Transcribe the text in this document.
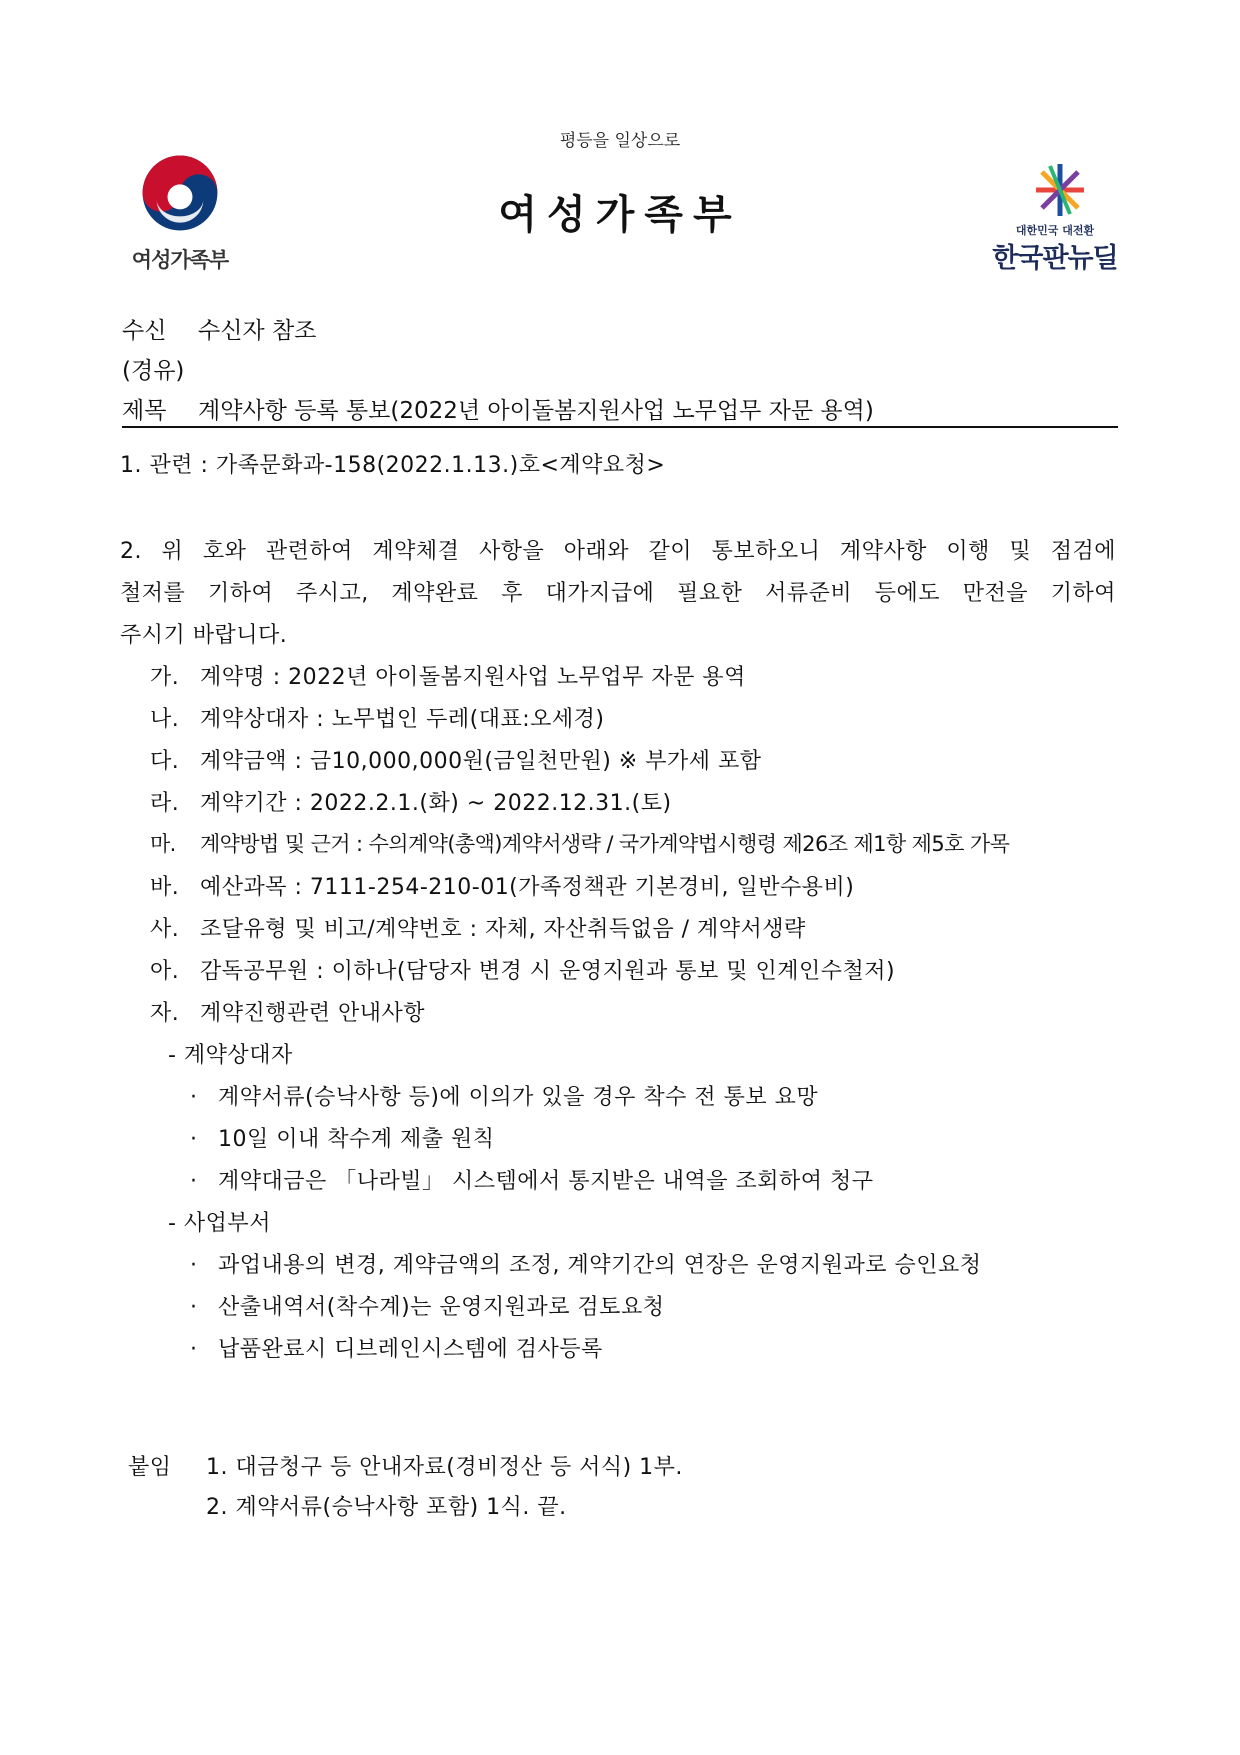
평등을 일상으로
여성가족부
여성가족부	대한민국 대전환
한국판뉴딜
수신 수신자 참조
(경유)
제목 계약사항 등록 통보(2022년 아이돌봄지원사업 노무업무 자문 용역)
1. 관련 : 가족문화과-158(2022.1.13.)호<계약요청>
2. 위 호와 관련하여 계약체결 사항을 아래와 같이 통보하오니 계약사항 이행 및 점검에
철저를 기하여 주시고, 계약완료 후 대가지급에 필요한 서류준비 등에도 만전을 기하여
주시기 바랍니다.
가. 계약명 : 2022년 아이돌봄지원사업 노무업무 자문 용역
나. 계약상대자 : 노무법인 두레(대표:오세경)
다. 계약금액 : 금10,000,000원(금일천만원) ※ 부가세 포함
라. 계약기간 : 2022.2.1.(화) ~ 2022.12.31.(토)
마. 계약방법 및 근거 : 수의계약(총액)계약서생략 / 국가계약법시행령 제26조 제1항 제5호 가목
바. 예산과목 : 7111-254-210-01(가족정책관 기본경비, 일반수용비)
사. 조달유형 및 비고/계약번호 : 자체, 자산취득없음 / 계약서생략
아. 감독공무원 : 이하나(담당자 변경 시 운영지원과 통보 및 인계인수철저)
자. 계약진행관련 안내사항
- 계약상대자
· 계약서류(승낙사항 등)에 이의가 있을 경우 착수 전 통보 요망
· 10일 이내 착수계 제출 원칙
· 계약대금은 「나라빌」 시스템에서 통지받은 내역을 조회하여 청구
- 사업부서
· 과업내용의 변경, 계약금액의 조정, 계약기간의 연장은 운영지원과로 승인요청
· 산출내역서(착수계)는 운영지원과로 검토요청
· 납품완료시 디브레인시스템에 검사등록
붙임 1. 대금청구 등 안내자료(경비정산 등 서식) 1부.
2. 계약서류(승낙사항 포함) 1식. 끝.
